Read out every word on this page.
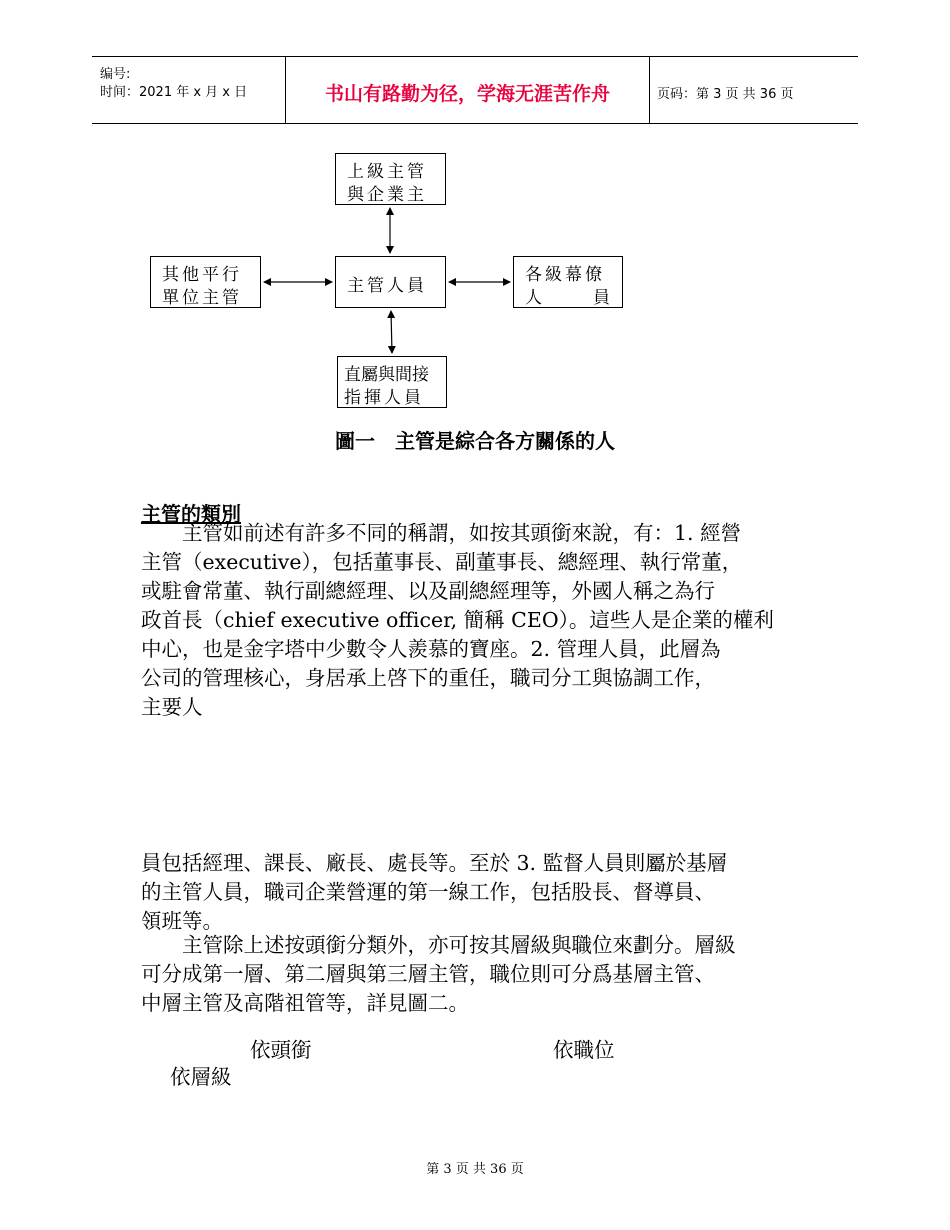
编号:
时间：2021 年 x 月 x 日	书山有路勤为径，学海无涯苦作舟	页码：第 3 页 共 36 页
上級主管
與企業主
其他平行
單位主管
主管人員
各級幕僚
人	員
直屬與間接
指揮人員
圖一　主管是綜合各方關係的人
主管的類別
　　主管如前述有許多不同的稱謂，如按其頭銜來說，有：1. 經營
主管（executive），包括董事長、副董事長、總經理、執行常董，
或駐會常董、執行副總經理、以及副總經理等，外國人稱之為行
政首長（chief executive officer, 簡稱 CEO）。這些人是企業的權利
中心，也是金字塔中少數令人羨慕的寶座。2. 管理人員，此層為
公司的管理核心，身居承上啓下的重任，職司分工與協調工作，
主要人
員包括經理、課長、廠長、處長等。至於 3. 監督人員則屬於基層
的主管人員，職司企業營運的第一線工作，包括股長、督導員、
領班等。
　　主管除上述按頭銜分類外，亦可按其層級與職位來劃分。層級
可分成第一層、第二層與第三層主管，職位則可分爲基層主管、
中層主管及高階祖管等，詳見圖二。
依頭銜	依職位
依層級
第 3 页 共 36 页
